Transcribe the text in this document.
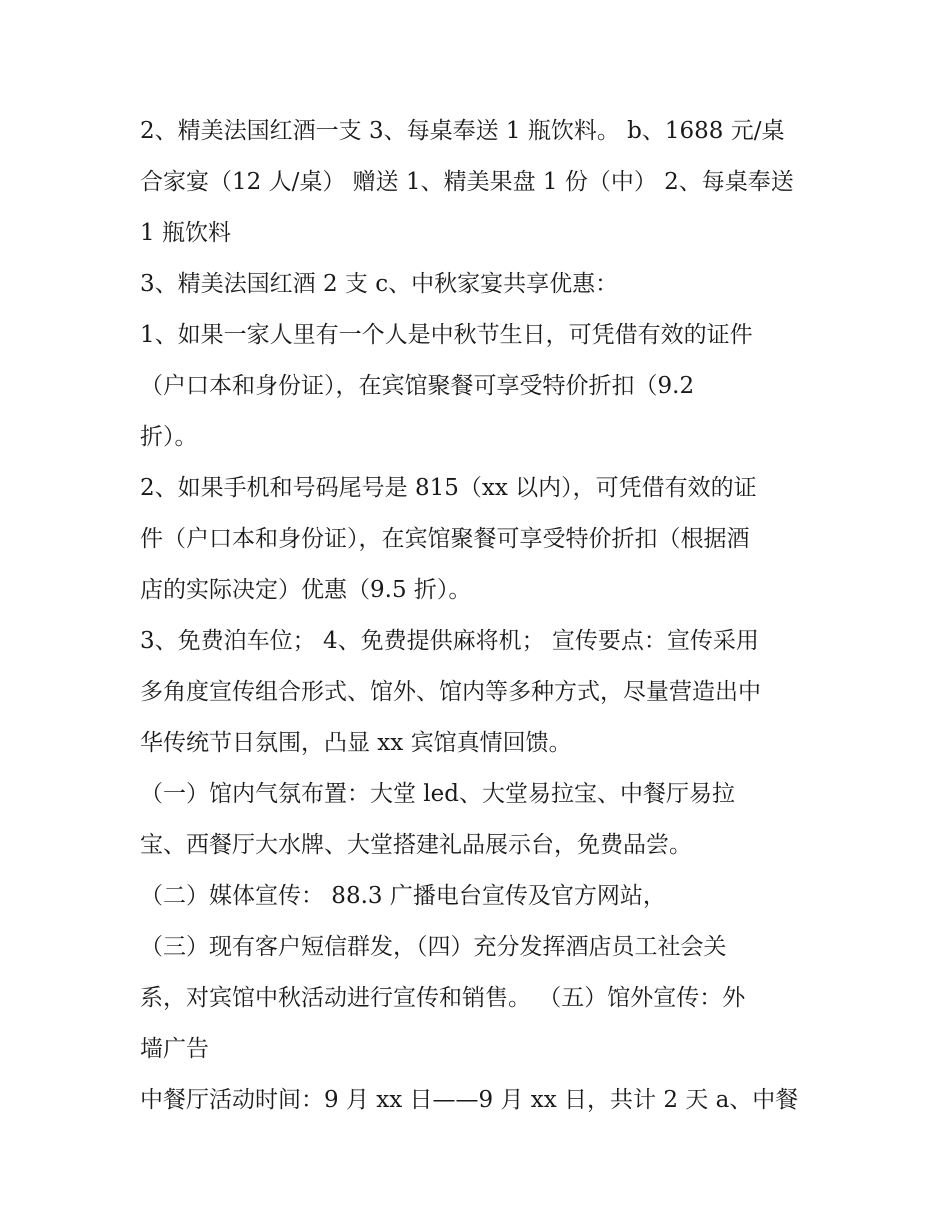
2、精美法国红酒一支 3、每桌奉送 1 瓶饮料。 b、1688 元/桌
合家宴（12 人/桌） 赠送 1、精美果盘 1 份（中） 2、每桌奉送
1 瓶饮料
3、精美法国红酒 2 支 c、中秋家宴共享优惠：
1、如果一家人里有一个人是中秋节生日，可凭借有效的证件
（户口本和身份证），在宾馆聚餐可享受特价折扣（9.2
折）。
2、如果手机和号码尾号是 815（xx 以内），可凭借有效的证
件（户口本和身份证），在宾馆聚餐可享受特价折扣（根据酒
店的实际决定）优惠（9.5 折）。
3、免费泊车位； 4、免费提供麻将机； 宣传要点：宣传采用
多角度宣传组合形式、馆外、馆内等多种方式，尽量营造出中
华传统节日氛围，凸显 xx 宾馆真情回馈。
（一）馆内气氛布置：大堂 led、大堂易拉宝、中餐厅易拉
宝、西餐厅大水牌、大堂搭建礼品展示台，免费品尝。
（二）媒体宣传： 88.3 广播电台宣传及官方网站，
（三）现有客户短信群发，（四）充分发挥酒店员工社会关
系，对宾馆中秋活动进行宣传和销售。 （五）馆外宣传：外
墙广告
中餐厅活动时间：9 月 xx 日——9 月 xx 日，共计 2 天 a、中餐
